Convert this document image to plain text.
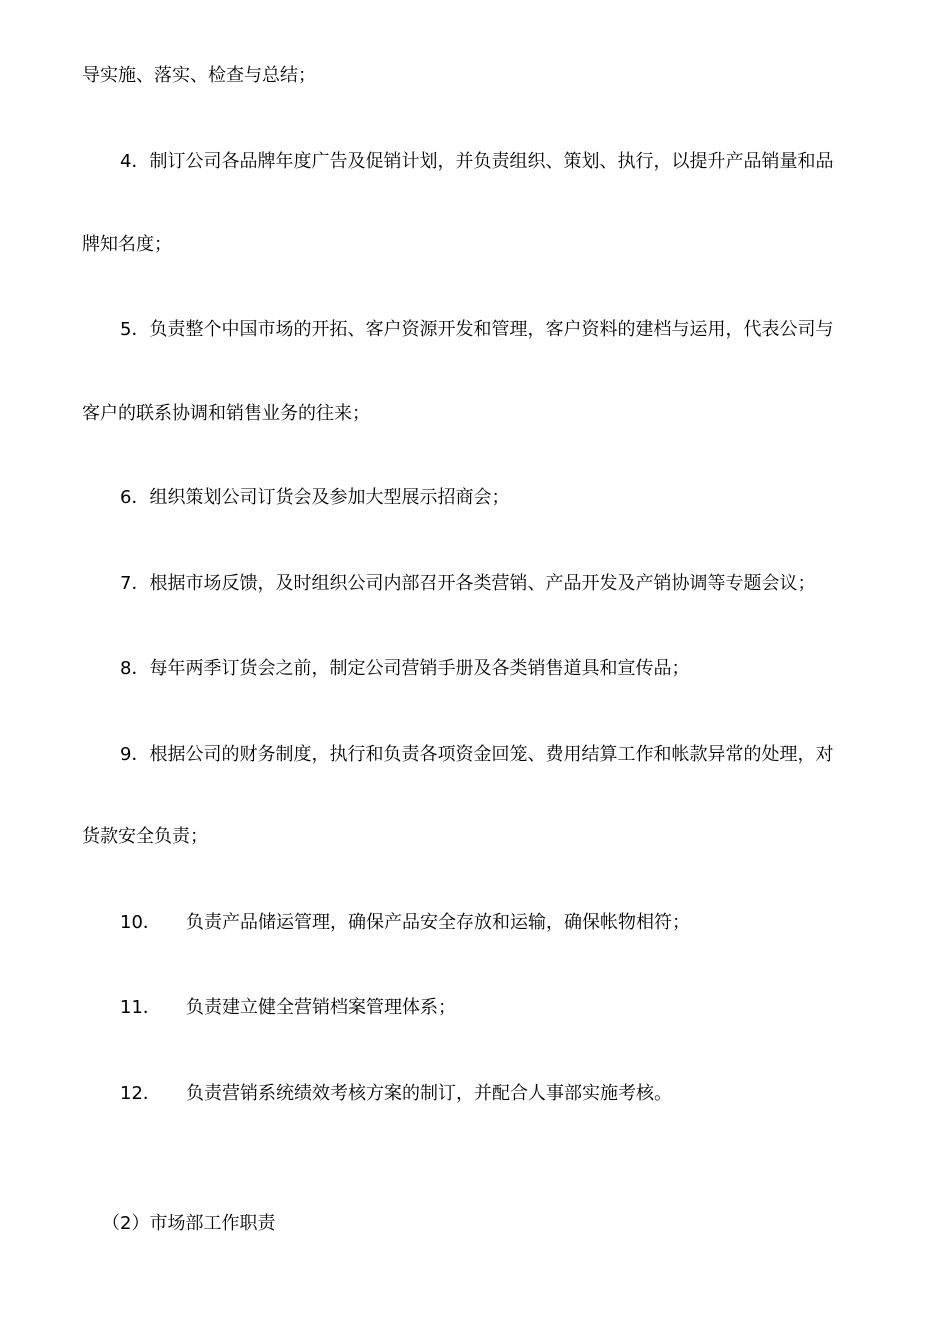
导实施、落实、检查与总结；
4．制订公司各品牌年度广告及促销计划，并负责组织、策划、执行，以提升产品销量和品
牌知名度；
5．负责整个中国市场的开拓、客户资源开发和管理，客户资料的建档与运用，代表公司与
客户的联系协调和销售业务的往来；
6．组织策划公司订货会及参加大型展示招商会；
7．根据市场反馈，及时组织公司内部召开各类营销、产品开发及产销协调等专题会议；
8．每年两季订货会之前，制定公司营销手册及各类销售道具和宣传品；
9．根据公司的财务制度，执行和负责各项资金回笼、费用结算工作和帐款异常的处理，对
货款安全负责；
10． 负责产品储运管理，确保产品安全存放和运输，确保帐物相符；
11． 负责建立健全营销档案管理体系；
12． 负责营销系统绩效考核方案的制订，并配合人事部实施考核。
（2）市场部工作职责
